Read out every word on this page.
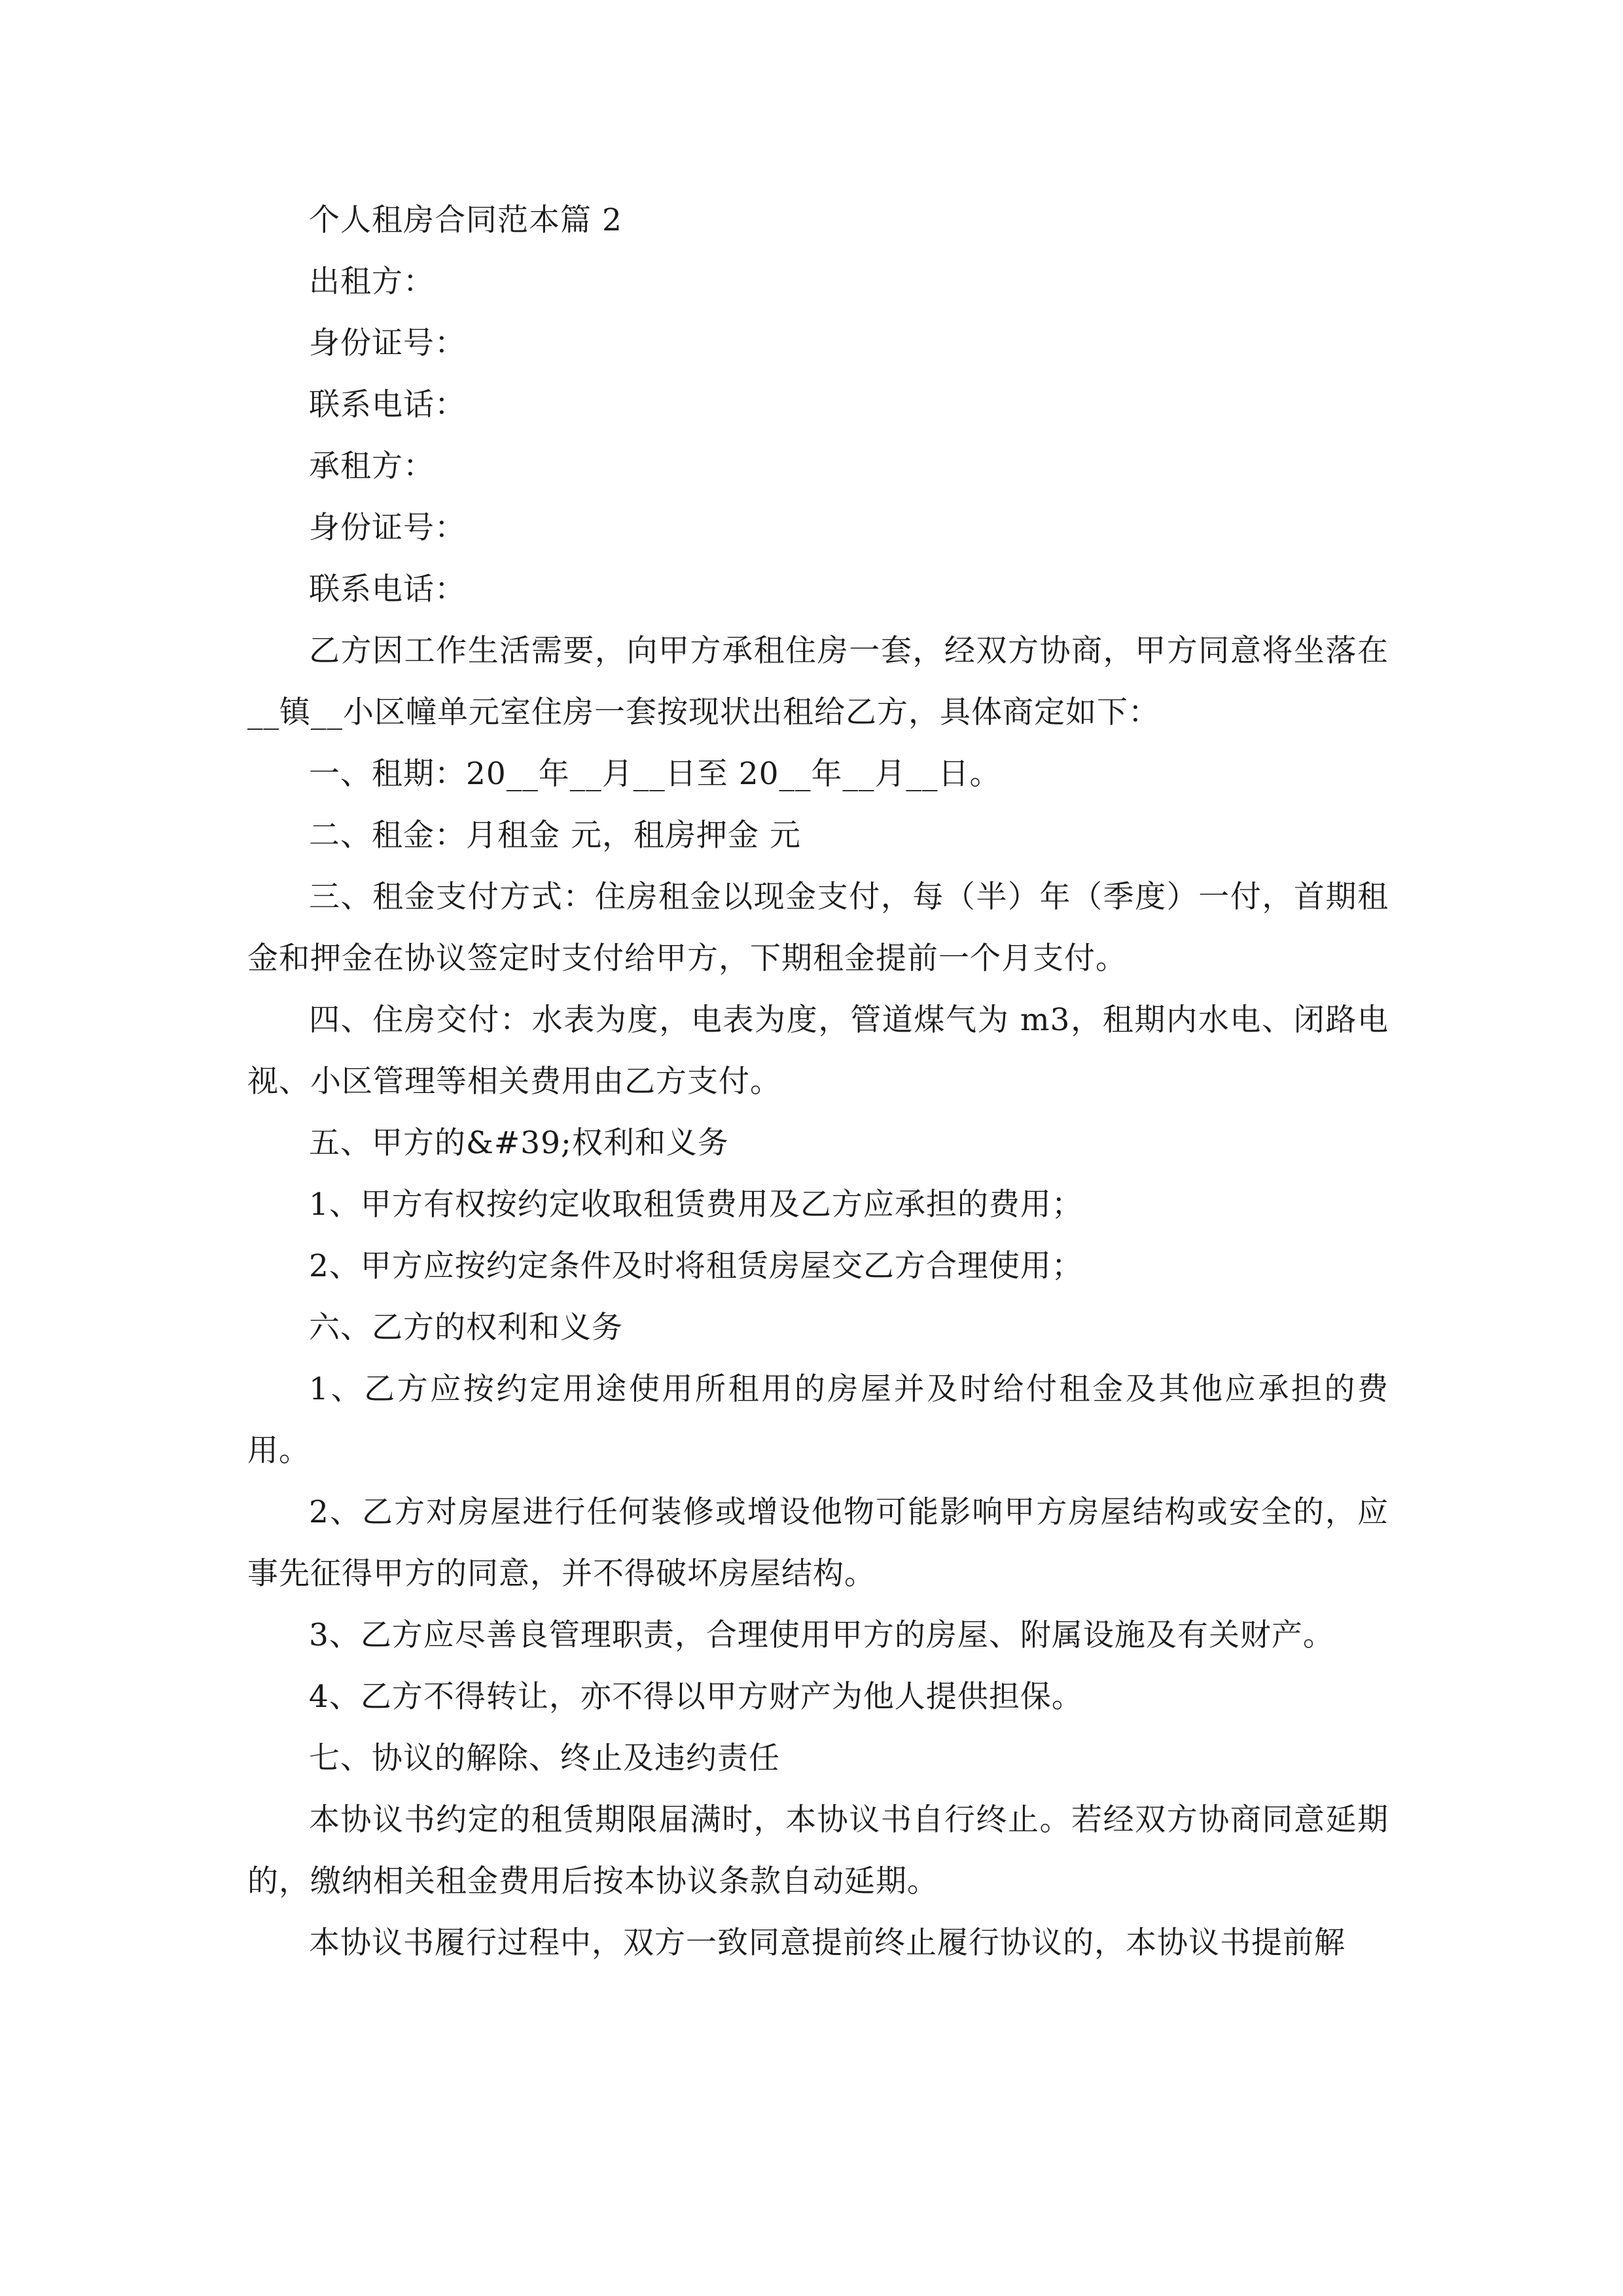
个人租房合同范本篇 2

出租方：

身份证号：

联系电话：

承租方：

身份证号：

联系电话：

乙方因工作生活需要，向甲方承租住房一套，经双方协商，甲方同意将坐落在__镇__小区幢单元室住房一套按现状出租给乙方，具体商定如下：

一、租期：20__年__月__日至 20__年__月__日。

二、租金：月租金 元，租房押金 元

三、租金支付方式：住房租金以现金支付，每（半）年（季度）一付，首期租金和押金在协议签定时支付给甲方，下期租金提前一个月支付。

四、住房交付：水表为度，电表为度，管道煤气为 m3，租期内水电、闭路电视、小区管理等相关费用由乙方支付。

五、甲方的&#39;权利和义务

1、甲方有权按约定收取租赁费用及乙方应承担的费用；

2、甲方应按约定条件及时将租赁房屋交乙方合理使用；

六、乙方的权利和义务

1、乙方应按约定用途使用所租用的房屋并及时给付租金及其他应承担的费用。

2、乙方对房屋进行任何装修或增设他物可能影响甲方房屋结构或安全的，应事先征得甲方的同意，并不得破坏房屋结构。

3、乙方应尽善良管理职责，合理使用甲方的房屋、附属设施及有关财产。

4、乙方不得转让，亦不得以甲方财产为他人提供担保。

七、协议的解除、终止及违约责任

本协议书约定的租赁期限届满时，本协议书自行终止。若经双方协商同意延期的，缴纳相关租金费用后按本协议条款自动延期。

本协议书履行过程中，双方一致同意提前终止履行协议的，本协议书提前解
